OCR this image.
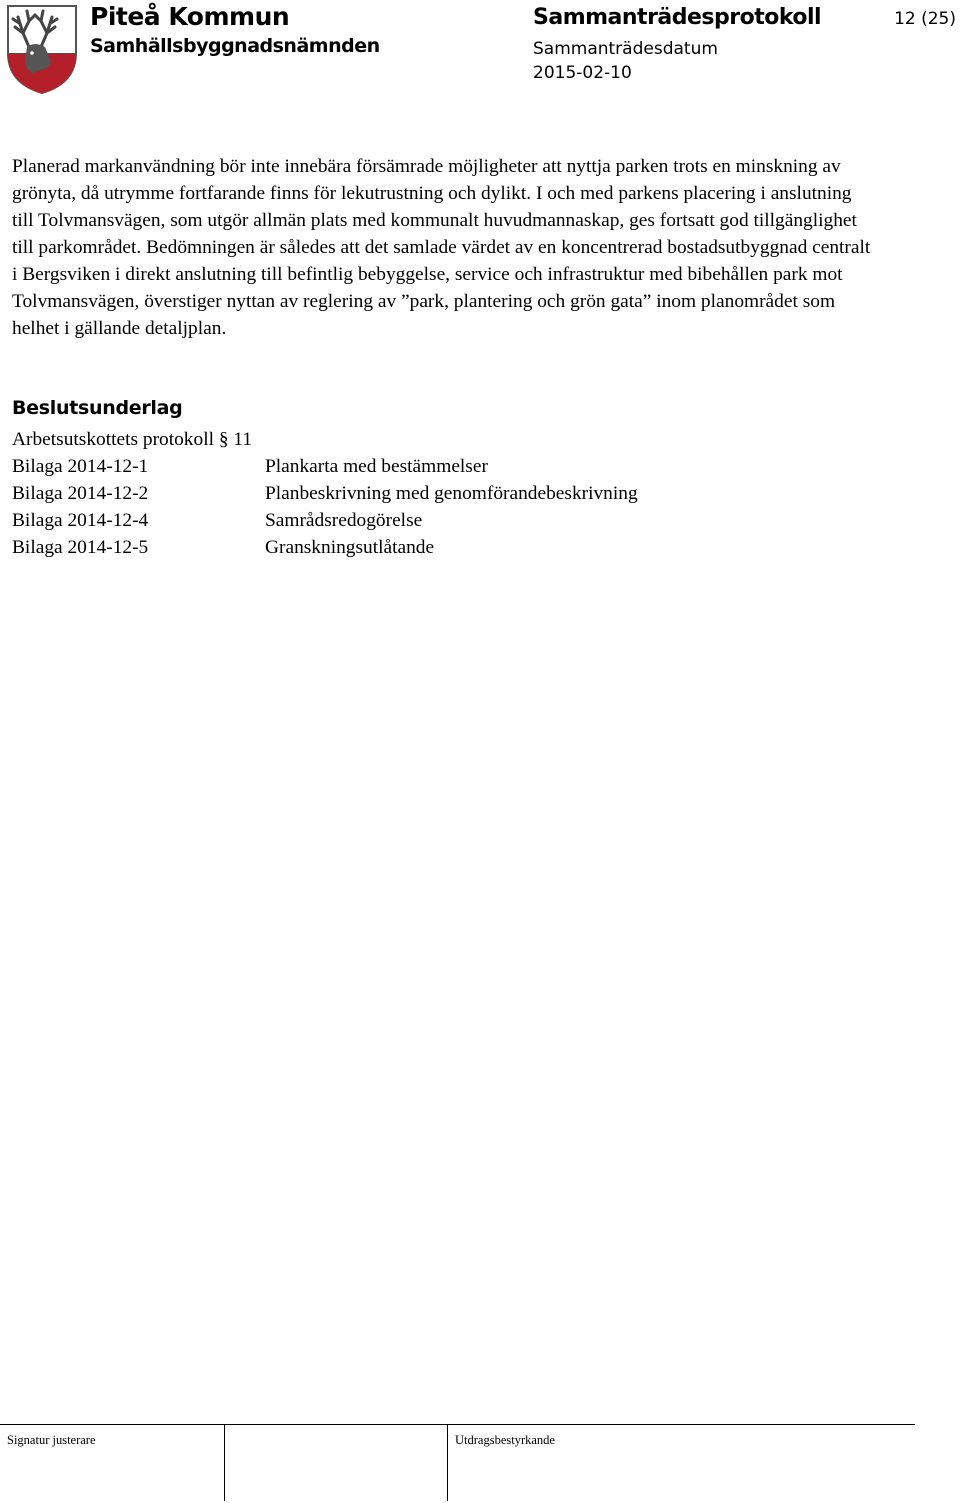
Piteå Kommun
Samhällsbyggnadsnämnden
Sammanträdesprotokoll
Sammanträdesdatum
2015-02-10
12 (25)

Planerad markanvändning bör inte innebära försämrade möjligheter att nyttja parken trots en minskning av grönyta, då utrymme fortfarande finns för lekutrustning och dylikt. I och med parkens placering i anslutning till Tolvmansvägen, som utgör allmän plats med kommunalt huvudmannaskap, ges fortsatt god tillgänglighet till parkområdet. Bedömningen är således att det samlade värdet av en koncentrerad bostadsutbyggnad centralt i Bergsviken i direkt anslutning till befintlig bebyggelse, service och infrastruktur med bibehållen park mot Tolvmansvägen, överstiger nyttan av reglering av ”park, plantering och grön gata” inom planområdet som helhet i gällande detaljplan.

Beslutsunderlag
Arbetsutskottets protokoll § 11
Bilaga 2014-12-1	Plankarta med bestämmelser
Bilaga 2014-12-2	Planbeskrivning med genomförandebeskrivning
Bilaga 2014-12-4	Samrådsredogörelse
Bilaga 2014-12-5	Granskningsutlåtande
Signatur justerare	Utdragsbestyrkande
